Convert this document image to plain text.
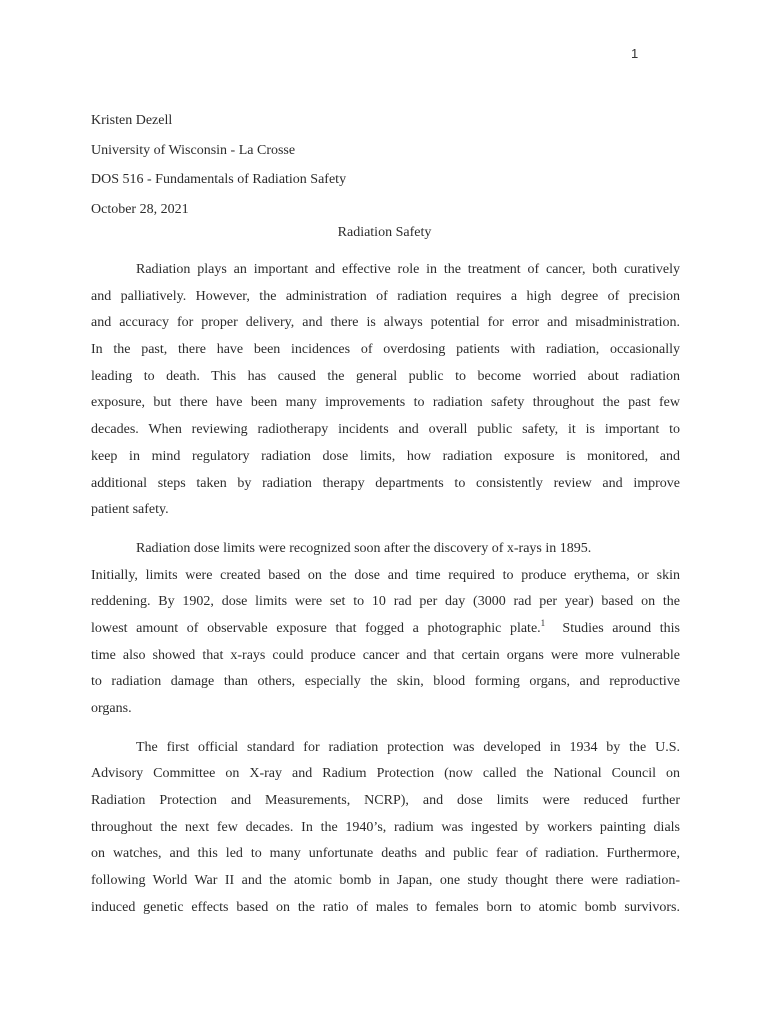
1
Kristen Dezell
University of Wisconsin - La Crosse
DOS 516 - Fundamentals of Radiation Safety
October 28, 2021
Radiation Safety
Radiation plays an important and effective role in the treatment of cancer, both curatively
and palliatively. However, the administration of radiation requires a high degree of precision
and accuracy for proper delivery, and there is always potential for error and misadministration.
In the past, there have been incidences of overdosing patients with radiation, occasionally
leading to death. This has caused the general public to become worried about radiation
exposure, but there have been many improvements to radiation safety throughout the past few
decades. When reviewing radiotherapy incidents and overall public safety, it is important to
keep in mind regulatory radiation dose limits, how radiation exposure is monitored, and
additional steps taken by radiation therapy departments to consistently review and improve
patient safety.
Radiation dose limits were recognized soon after the discovery of x-rays in 1895.
Initially, limits were created based on the dose and time required to produce erythema, or skin
reddening. By 1902, dose limits were set to 10 rad per day (3000 rad per year) based on the
lowest amount of observable exposure that fogged a photographic plate.$^1$  Studies around this
time also showed that x-rays could produce cancer and that certain organs were more vulnerable
to radiation damage than others, especially the skin, blood forming organs, and reproductive
organs.
The first official standard for radiation protection was developed in 1934 by the U.S.
Advisory Committee on X-ray and Radium Protection (now called the National Council on
Radiation Protection and Measurements, NCRP), and dose limits were reduced further
throughout the next few decades. In the 1940’s, radium was ingested by workers painting dials
on watches, and this led to many unfortunate deaths and public fear of radiation. Furthermore,
following World War II and the atomic bomb in Japan, one study thought there were radiation-
induced genetic effects based on the ratio of males to females born to atomic bomb survivors.
